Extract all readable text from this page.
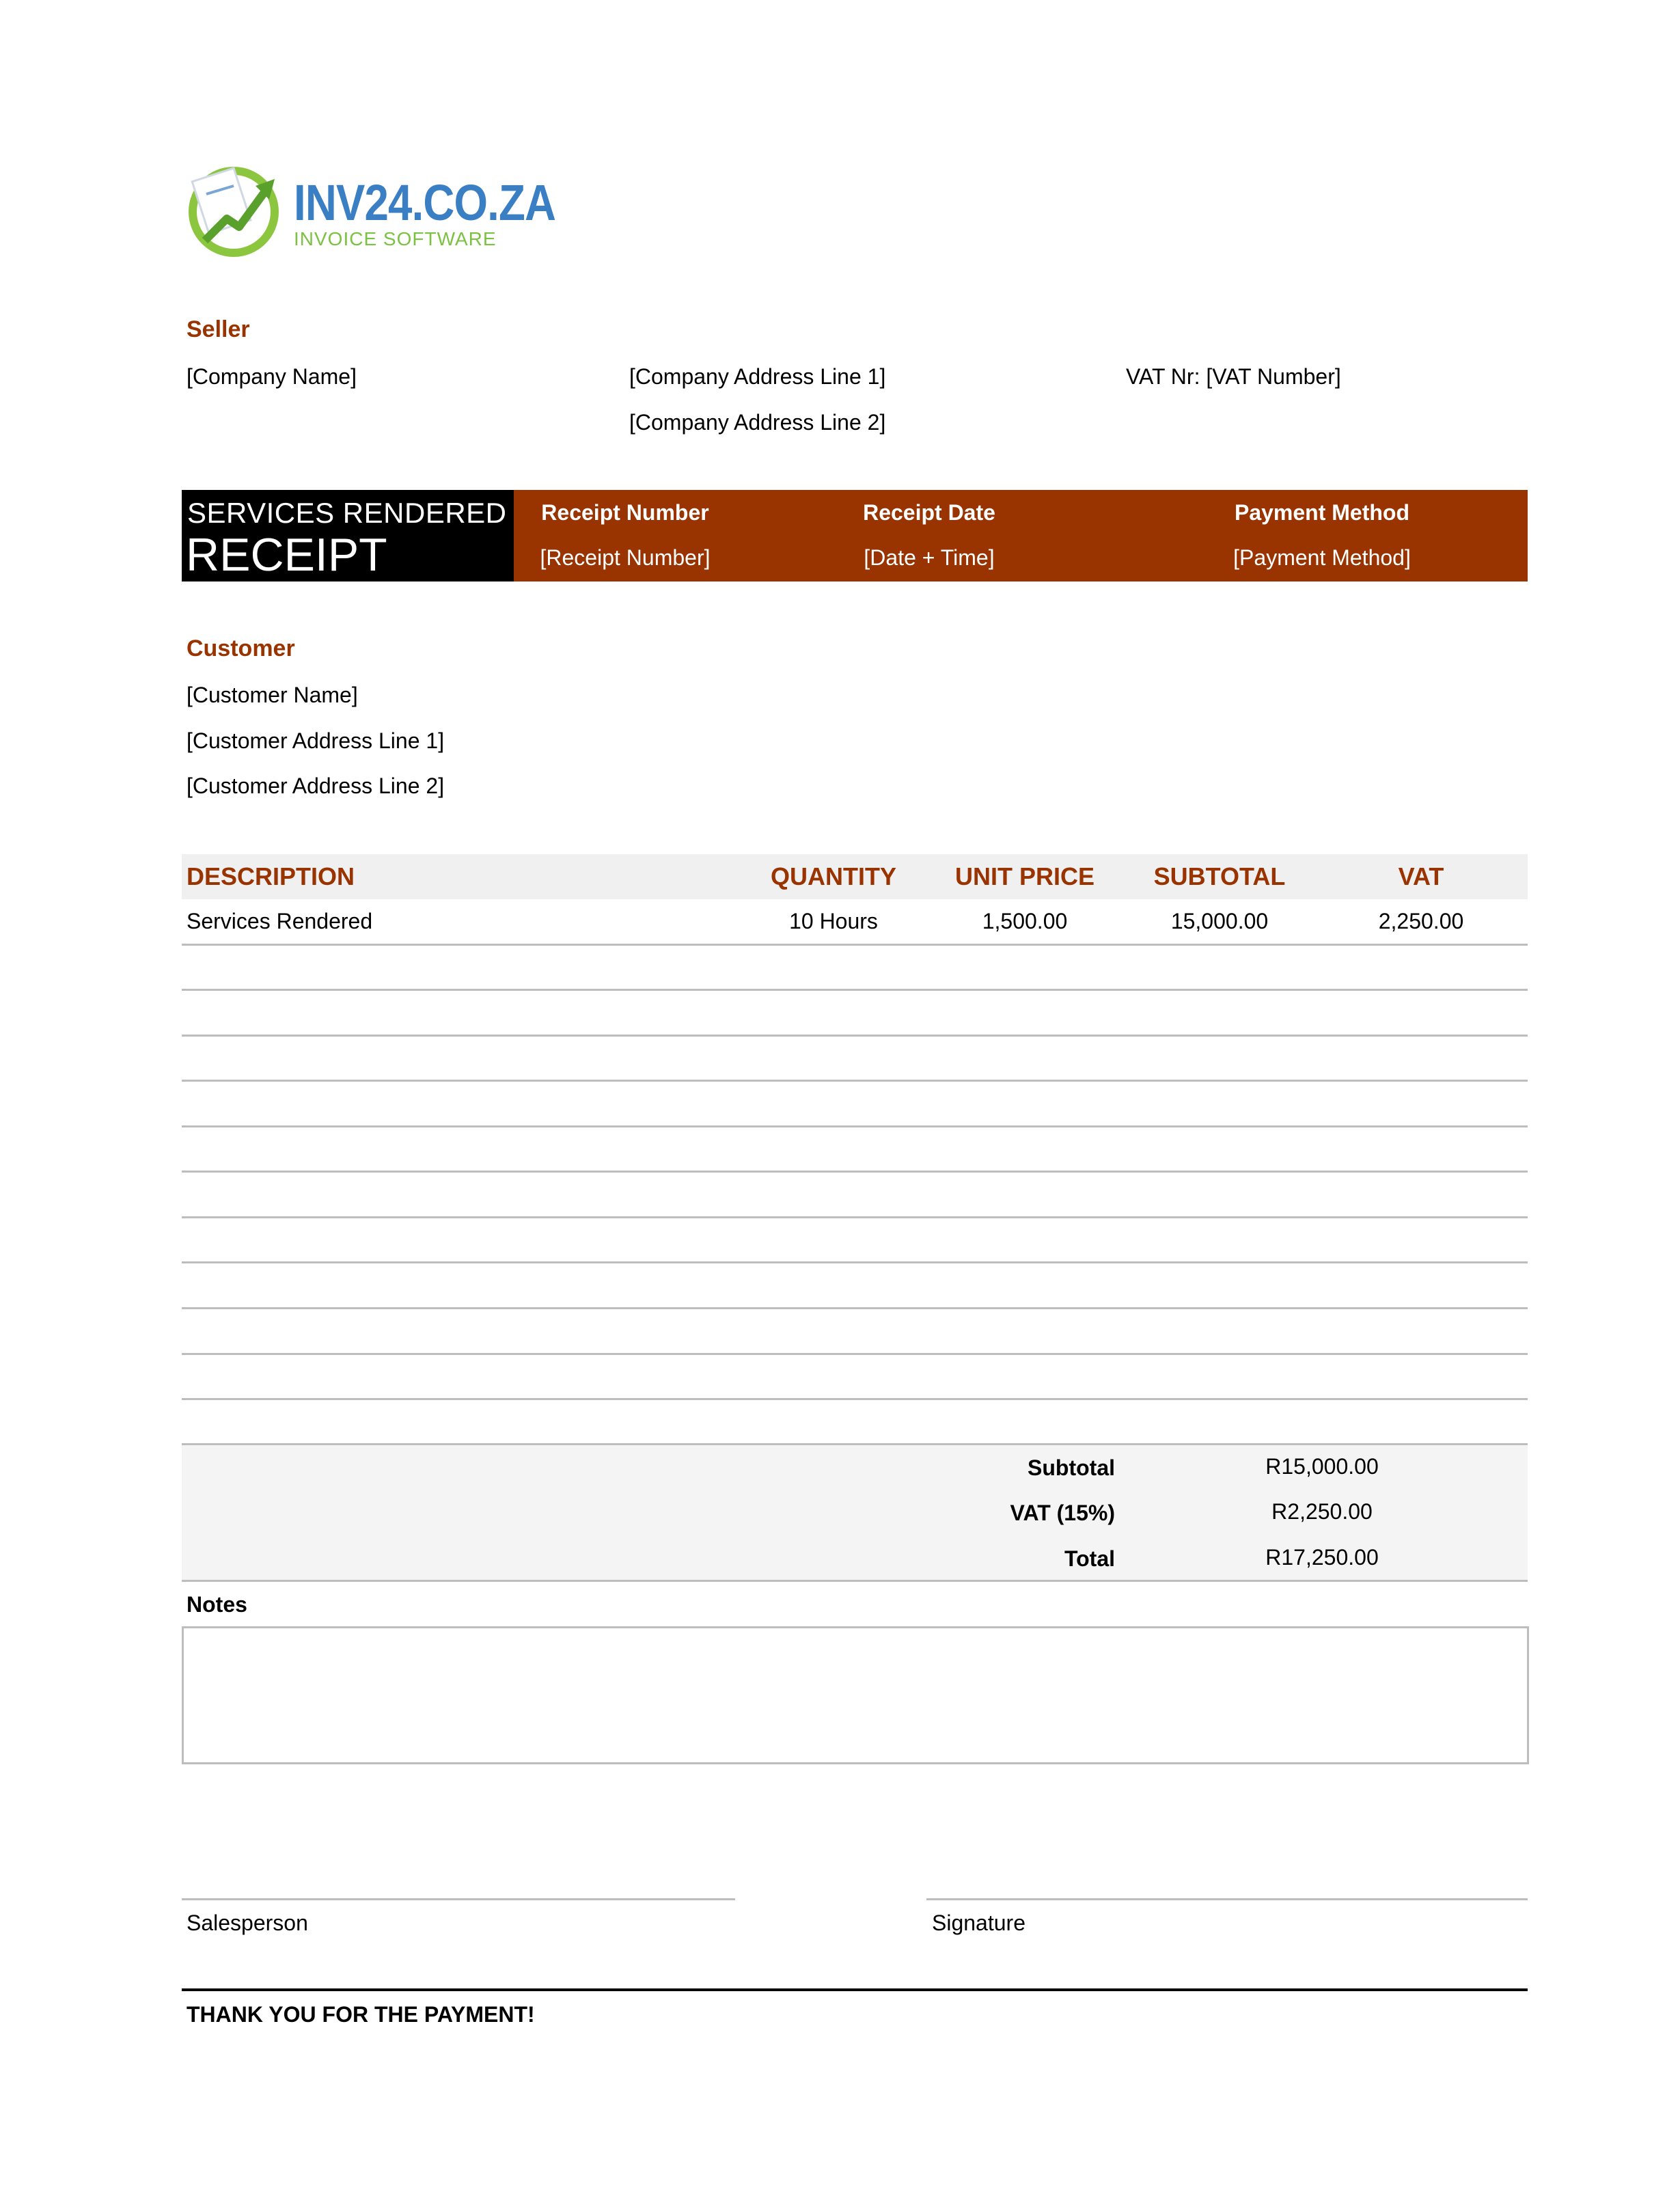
INV24.CO.ZA
INVOICE SOFTWARE
Seller
[Company Name]	[Company Address Line 1]
[Company Address Line 2]
VAT Nr: [VAT Number]
SERVICES RENDERED
RECEIPT
Receipt Number
[Receipt Number]
Receipt Date
[Date + Time]
Payment Method
[Payment Method]
Customer
[Customer Name]
[Customer Address Line 1]
[Customer Address Line 2]
DESCRIPTION	QUANTITY	UNIT PRICE	SUBTOTAL	VAT
Services Rendered	10 Hours	1,500.00	15,000.00	2,250.00
Subtotal	R15,000.00
VAT (15%)	R2,250.00
Total	R17,250.00
Notes
Salesperson	Signature
THANK YOU FOR THE PAYMENT!
